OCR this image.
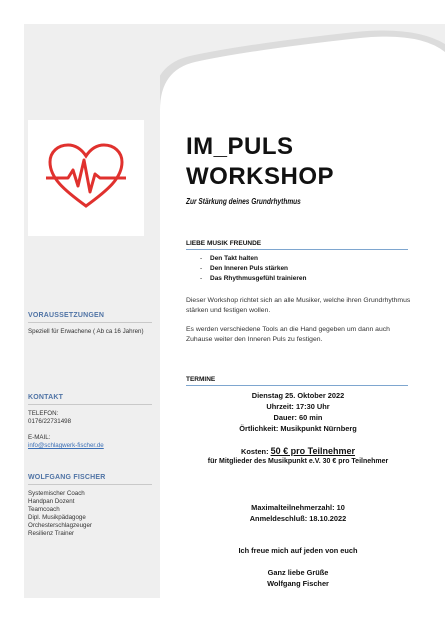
VORAUSSETZUNGEN
Speziell für Erwachene ( Ab ca 16 Jahren)
KONTAKT
TELEFON:
0176/22731498
E-MAIL:
info@schlagwerk-fischer.de
WOLFGANG FISCHER
Systemischer Coach
Handpan Dozent
Teamcoach
Dipl. Musikpädagoge
Orchesterschlagzeuger
Resilienz Trainer
IM_PULS
WORKSHOP
Zur Stärkung deines Grundrhythmus
LIEBE MUSIK FREUNDE
- Den Takt halten
- Den Inneren Puls stärken
- Das Rhythmusgefühl trainieren
Dieser Workshop richtet sich an alle Musiker, welche ihren Grundrhythmus stärken und festigen wollen.
Es werden verschiedene Tools an die Hand gegeben um dann auch Zuhause weiter den Inneren Puls zu festigen.
TERMINE
Dienstag 25. Oktober 2022
Uhrzeit: 17:30 Uhr
Dauer: 60 min
Örtlichkeit: Musikpunkt Nürnberg
Kosten: 50 € pro Teilnehmer
für Mitglieder des Musikpunkt e.V. 30 € pro Teilnehmer
Maximalteilnehmerzahl: 10
Anmeldeschluß: 18.10.2022
Ich freue mich auf jeden von euch
Ganz liebe Grüße
Wolfgang Fischer
